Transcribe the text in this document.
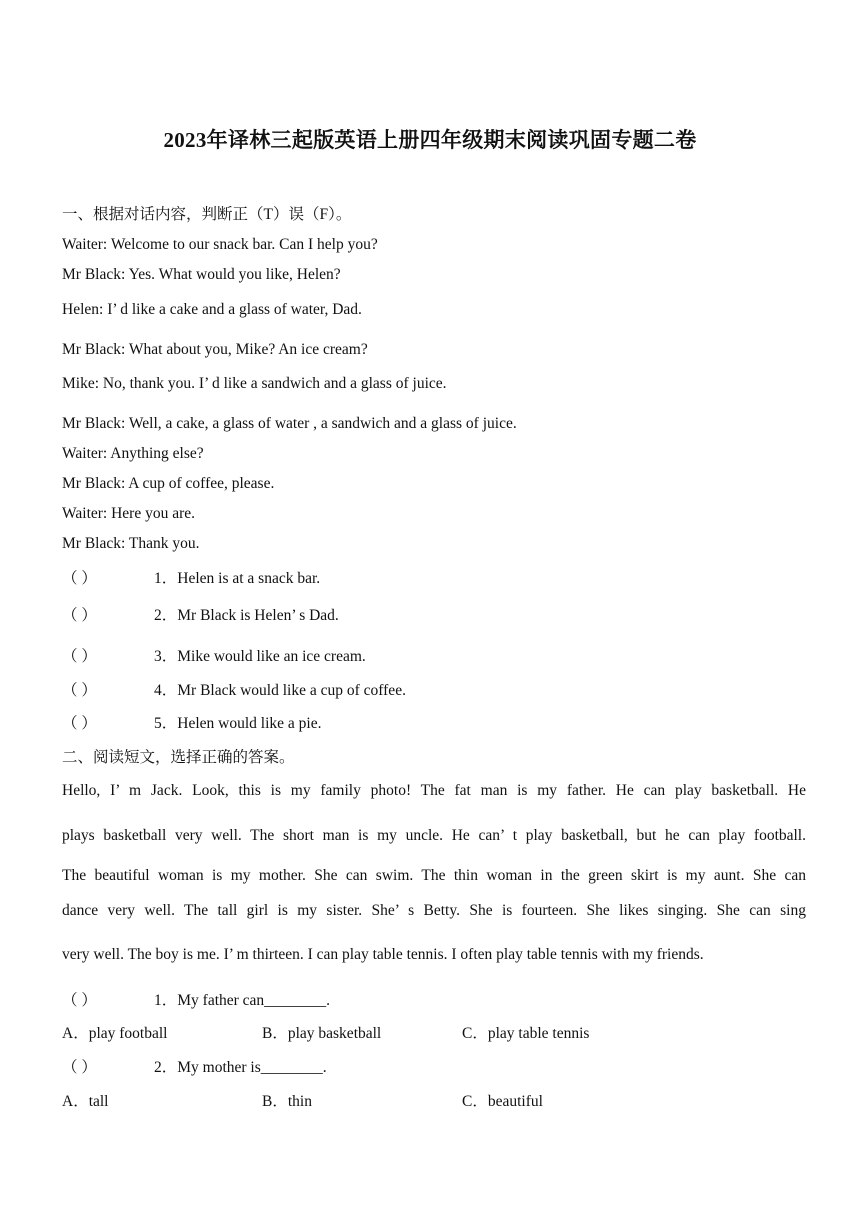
2023年译林三起版英语上册四年级期末阅读巩固专题二卷
一、根据对话内容，判断正（T）误（F）。
Waiter: Welcome to our snack bar. Can I help you?
Mr Black: Yes. What would you like, Helen?
Helen: I’ d like a cake and a glass of water, Dad.
Mr Black: What about you, Mike? An ice cream?
Mike: No, thank you. I’ d like a sandwich and a glass of juice.
Mr Black: Well, a cake, a glass of water , a sandwich and a glass of juice.
Waiter: Anything else?
Mr Black: A cup of coffee, please.
Waiter: Here you are.
Mr Black: Thank you.
（ ）	1．Helen is at a snack bar.
（ ）	2．Mr Black is Helen’ s Dad.
（ ）	3．Mike would like an ice cream.
（ ）	4．Mr Black would like a cup of coffee.
（ ）	5．Helen would like a pie.
二、阅读短文，选择正确的答案。
Hello, I’ m Jack. Look, this is my family photo! The fat man is my father. He can play basketball. He
plays basketball very well. The short man is my uncle. He can’ t play basketball, but he can play football.
The beautiful woman is my mother. She can swim. The thin woman in the green skirt is my aunt. She can
dance very well. The tall girl is my sister. She’ s Betty. She is fourteen. She likes singing. She can sing
very well. The boy is me. I’ m thirteen. I can play table tennis. I often play table tennis with my friends.
（ ）	1．My father can________.
A．play football	B．play basketball	C．play table tennis
（ ）	2．My mother is________.
A．tall	B．thin	C．beautiful
